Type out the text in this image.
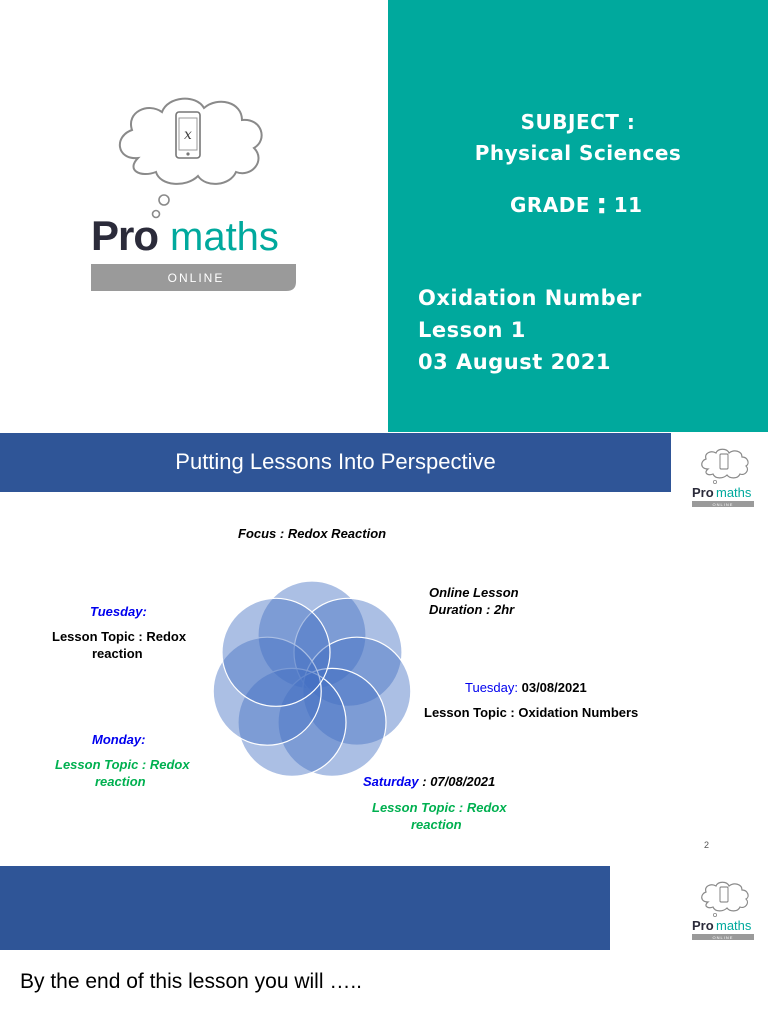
x
Pro maths
ONLINE
SUBJECT :
Physical Sciences
GRADE : 11
Oxidation Number
Lesson 1
03 August 2021
Putting Lessons Into Perspective
Pro maths
ONLINE
Focus : Redox Reaction
Online Lesson
Duration : 2hr
Tuesday:
Lesson Topic : Redox
reaction
Tuesday: 03/08/2021
Lesson Topic : Oxidation Numbers
Monday:
Lesson Topic : Redox
reaction	Saturday : 07/08/2021
Lesson Topic : Redox
reaction
2
Pro maths
ONLINE
By the end of this lesson you will …..
